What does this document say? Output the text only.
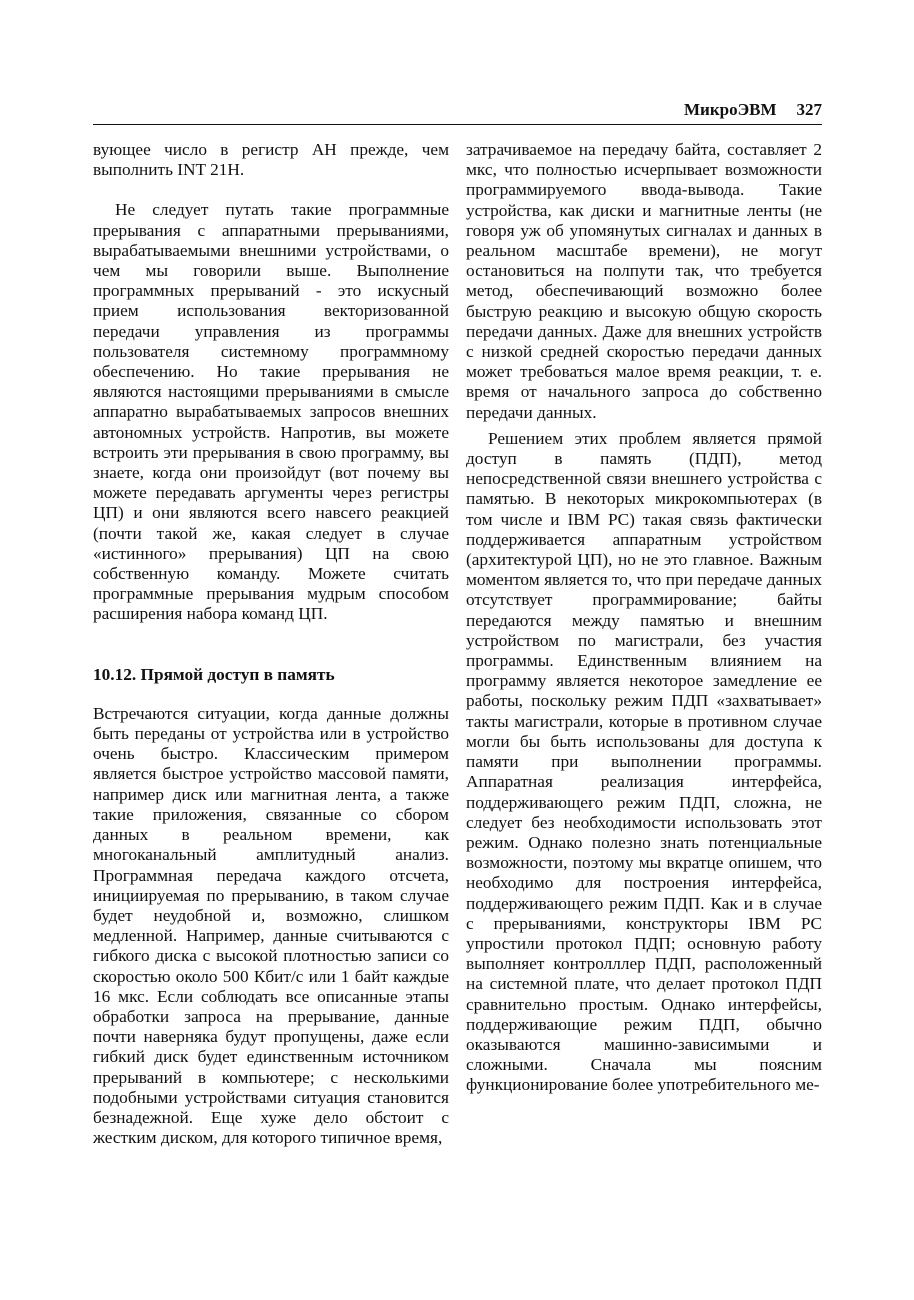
МикроЭВМ 327

вующее число в регистр АН прежде, чем выполнить INT 21H.

Не следует путать такие программные прерывания с аппаратными прерываниями, вырабатываемыми внешними устройствами, о чем мы говорили выше. Выполнение программных прерываний - это искусный прием использования векторизованной передачи управления из программы пользователя системному программному обеспечению. Но такие прерывания не являются настоящими прерываниями в смысле аппаратно вырабатываемых запросов внешних автономных устройств. Напротив, вы можете встроить эти прерывания в свою программу, вы знаете, когда они произойдут (вот почему вы можете передавать аргументы через регистры ЦП) и они являются всего навсего реакцией (почти такой же, какая следует в случае «истинного» прерывания) ЦП на свою собственную команду. Можете считать программные прерывания мудрым способом расширения набора команд ЦП.

10.12. Прямой доступ в память

Встречаются ситуации, когда данные должны быть переданы от устройства или в устройство очень быстро. Классическим примером является быстрое устройство массовой памяти, например диск или магнитная лента, а также такие приложения, связанные со сбором данных в реальном времени, как многоканальный амплитудный анализ. Программная передача каждого отсчета, инициируемая по прерыванию, в таком случае будет неудобной и, возможно, слишком медленной. Например, данные считываются с гибкого диска с высокой плотностью записи со скоростью около 500 Кбит/с или 1 байт каждые 16 мкс. Если соблюдать все описанные этапы обработки запроса на прерывание, данные почти наверняка будут пропущены, даже если гибкий диск будет единственным источником прерываний в компьютере; с несколькими подобными устройствами ситуация становится безнадежной. Еще хуже дело обстоит с жестким диском, для которого типичное время,

затрачиваемое на передачу байта, составляет 2 мкс, что полностью исчерпывает возможности программируемого ввода-вывода. Такие устройства, как диски и магнитные ленты (не говоря уж об упомянутых сигналах и данных в реальном масштабе времени), не могут остановиться на полпути так, что требуется метод, обеспечивающий возможно более быструю реакцию и высокую общую скорость передачи данных. Даже для внешних устройств с низкой средней скоростью передачи данных может требоваться малое время реакции, т. е. время от начального запроса до собственно передачи данных.

Решением этих проблем является прямой доступ в память (ПДП), метод непосредственной связи внешнего устройства с памятью. В некоторых микрокомпьютерах (в том числе и IBM PC) такая связь фактически поддерживается аппаратным устройством (архитектурой ЦП), но не это главное. Важным моментом является то, что при передаче данных отсутствует программирование; байты передаются между памятью и внешним устройством по магистрали, без участия программы. Единственным влиянием на программу является некоторое замедление ее работы, поскольку режим ПДП «захватывает» такты магистрали, которые в противном случае могли бы быть использованы для доступа к памяти при выполнении программы. Аппаратная реализация интерфейса, поддерживающего режим ПДП, сложна, не следует без необходимости использовать этот режим. Однако полезно знать потенциальные возможности, поэтому мы вкратце опишем, что необходимо для построения интерфейса, поддерживающего режим ПДП. Как и в случае с прерываниями, конструкторы IBM PC упростили протокол ПДП; основную работу выполняет контролллер ПДП, расположенный на системной плате, что делает протокол ПДП сравнительно простым. Однако интерфейсы, поддерживающие режим ПДП, обычно оказываются машинно-зависимыми и сложными. Сначала мы поясним функционирование более употребительного ме-
